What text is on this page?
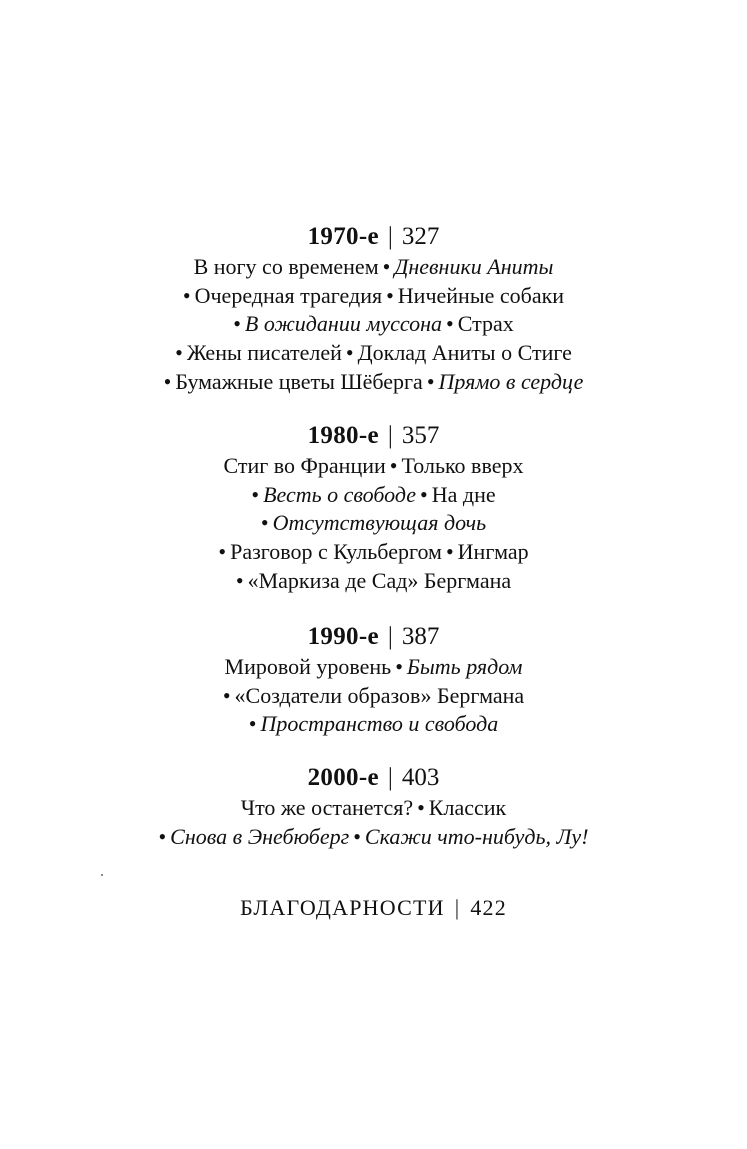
1970-е | 327
В ногу со временем • Дневники Аниты
• Очередная трагедия • Ничейные собаки
• В ожидании муссона • Страх
• Жены писателей • Доклад Аниты о Стиге
• Бумажные цветы Шёберга • Прямо в сердце
1980-е | 357
Стиг во Франции • Только вверх
• Весть о свободе • На дне
• Отсутствующая дочь
• Разговор с Кульбергом • Ингмар
• «Маркиза де Сад» Бергмана
1990-е | 387
Мировой уровень • Быть рядом
• «Создатели образов» Бергмана
• Пространство и свобода
2000-е | 403
Что же останется? • Классик
• Снова в Энебюберг • Скажи что-нибудь, Лу!
БЛАГОДАРНОСТИ | 422
